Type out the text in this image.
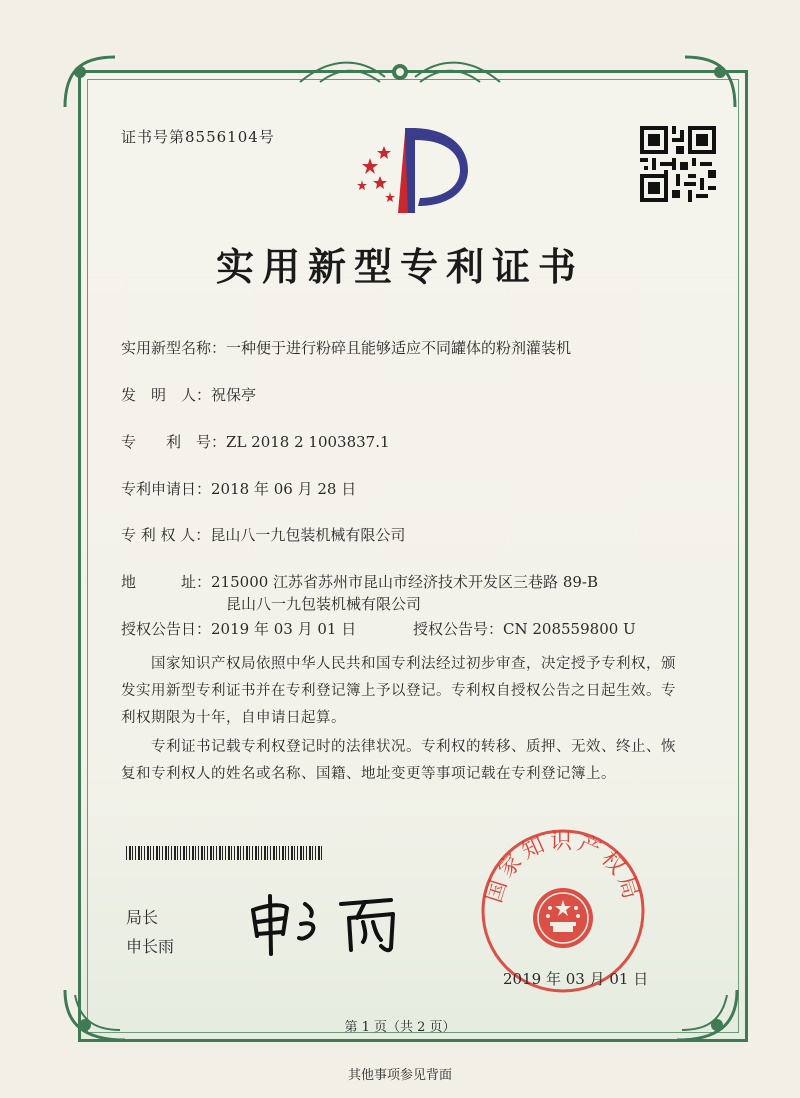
证书号第8556104号
实用新型专利证书
实用新型名称：一种便于进行粉碎且能够适应不同罐体的粉剂灌装机
发　明　人：祝保亭
专　　利　号：ZL 2018 2 1003837.1
专利申请日：2018 年 06 月 28 日
专 利 权 人：昆山八一九包装机械有限公司
地　　　址：215000 江苏省苏州市昆山市经济技术开发区三巷路 89-B
昆山八一九包装机械有限公司
授权公告日：2019 年 03 月 01 日	授权公告号：CN 208559800 U
国家知识产权局依照中华人民共和国专利法经过初步审查，决定授予专利权，颁发实用新型专利证书并在专利登记簿上予以登记。专利权自授权公告之日起生效。专利权期限为十年，自申请日起算。
专利证书记载专利权登记时的法律状况。专利权的转移、质押、无效、终止、恢复和专利权人的姓名或名称、国籍、地址变更等事项记载在专利登记簿上。
局长
申长雨
国家知识产权局
2019 年 03 月 01 日
第 1 页（共 2 页）
其他事项参见背面
